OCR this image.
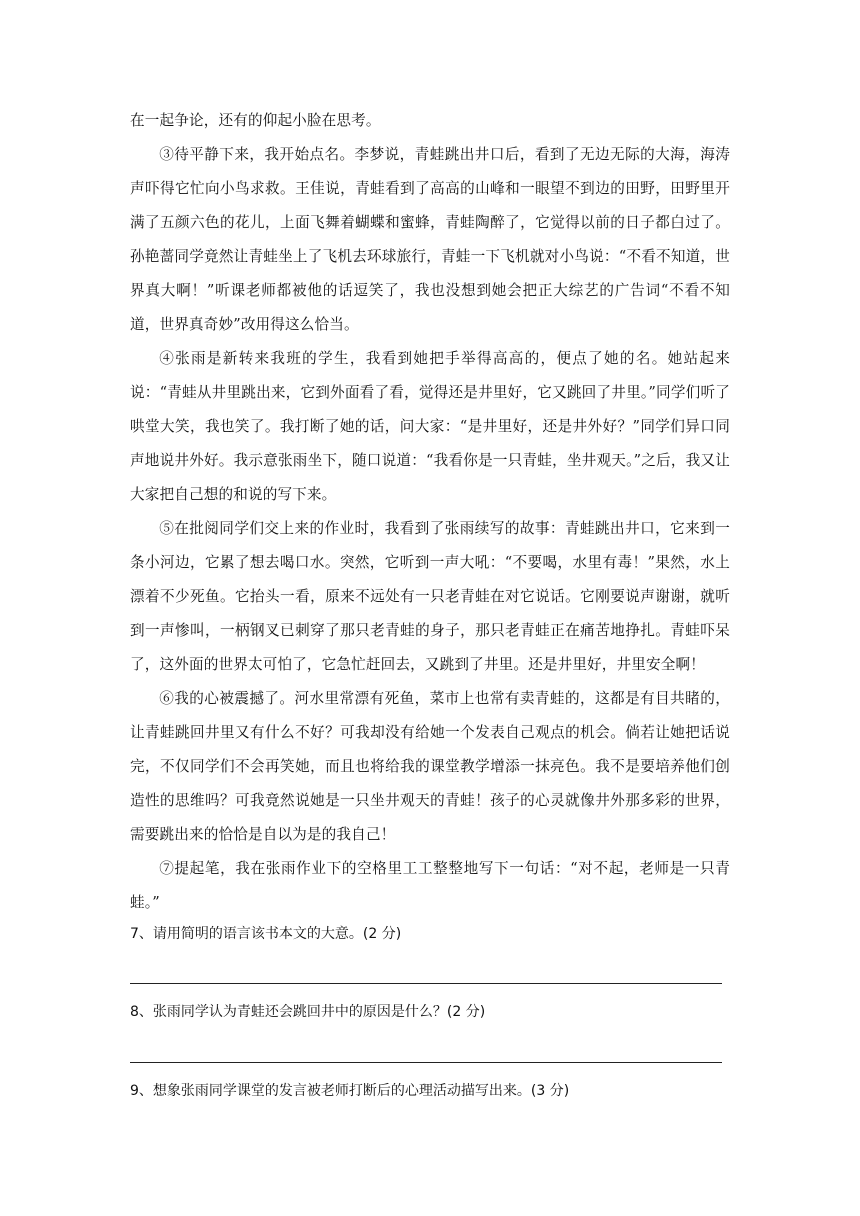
在一起争论，还有的仰起小脸在思考。

③待平静下来，我开始点名。李梦说，青蛙跳出井口后，看到了无边无际的大海，海涛声吓得它忙向小鸟求救。王佳说，青蛙看到了高高的山峰和一眼望不到边的田野，田野里开满了五颜六色的花儿，上面飞舞着蝴蝶和蜜蜂，青蛙陶醉了，它觉得以前的日子都白过了。孙艳蔷同学竟然让青蛙坐上了飞机去环球旅行，青蛙一下飞机就对小鸟说：“不看不知道，世界真大啊！”听课老师都被他的话逗笑了，我也没想到她会把正大综艺的广告词“不看不知道，世界真奇妙”改用得这么恰当。

④张雨是新转来我班的学生，我看到她把手举得高高的，便点了她的名。她站起来说：“青蛙从井里跳出来，它到外面看了看，觉得还是井里好，它又跳回了井里。”同学们听了哄堂大笑，我也笑了。我打断了她的话，问大家：“是井里好，还是井外好？”同学们异口同声地说井外好。我示意张雨坐下，随口说道：“我看你是一只青蛙，坐井观天。”之后，我又让大家把自己想的和说的写下来。

⑤在批阅同学们交上来的作业时，我看到了张雨续写的故事：青蛙跳出井口，它来到一条小河边，它累了想去喝口水。突然，它听到一声大吼：“不要喝，水里有毒！”果然，水上漂着不少死鱼。它抬头一看，原来不远处有一只老青蛙在对它说话。它刚要说声谢谢，就听到一声惨叫，一柄钢叉已刺穿了那只老青蛙的身子，那只老青蛙正在痛苦地挣扎。青蛙吓呆了，这外面的世界太可怕了，它急忙赶回去，又跳到了井里。还是井里好，井里安全啊！

⑥我的心被震撼了。河水里常漂有死鱼，菜市上也常有卖青蛙的，这都是有目共睹的，让青蛙跳回井里又有什么不好？可我却没有给她一个发表自己观点的机会。倘若让她把话说完，不仅同学们不会再笑她，而且也将给我的课堂教学增添一抹亮色。我不是要培养他们创造性的思维吗？可我竟然说她是一只坐井观天的青蛙！孩子的心灵就像井外那多彩的世界，需要跳出来的恰恰是自以为是的我自己！

⑦提起笔，我在张雨作业下的空格里工工整整地写下一句话：“对不起，老师是一只青蛙。”

7、请用简明的语言该书本文的大意。(2 分)

8、张雨同学认为青蛙还会跳回井中的原因是什么？(2 分)

9、想象张雨同学课堂的发言被老师打断后的心理活动描写出来。(3 分)
